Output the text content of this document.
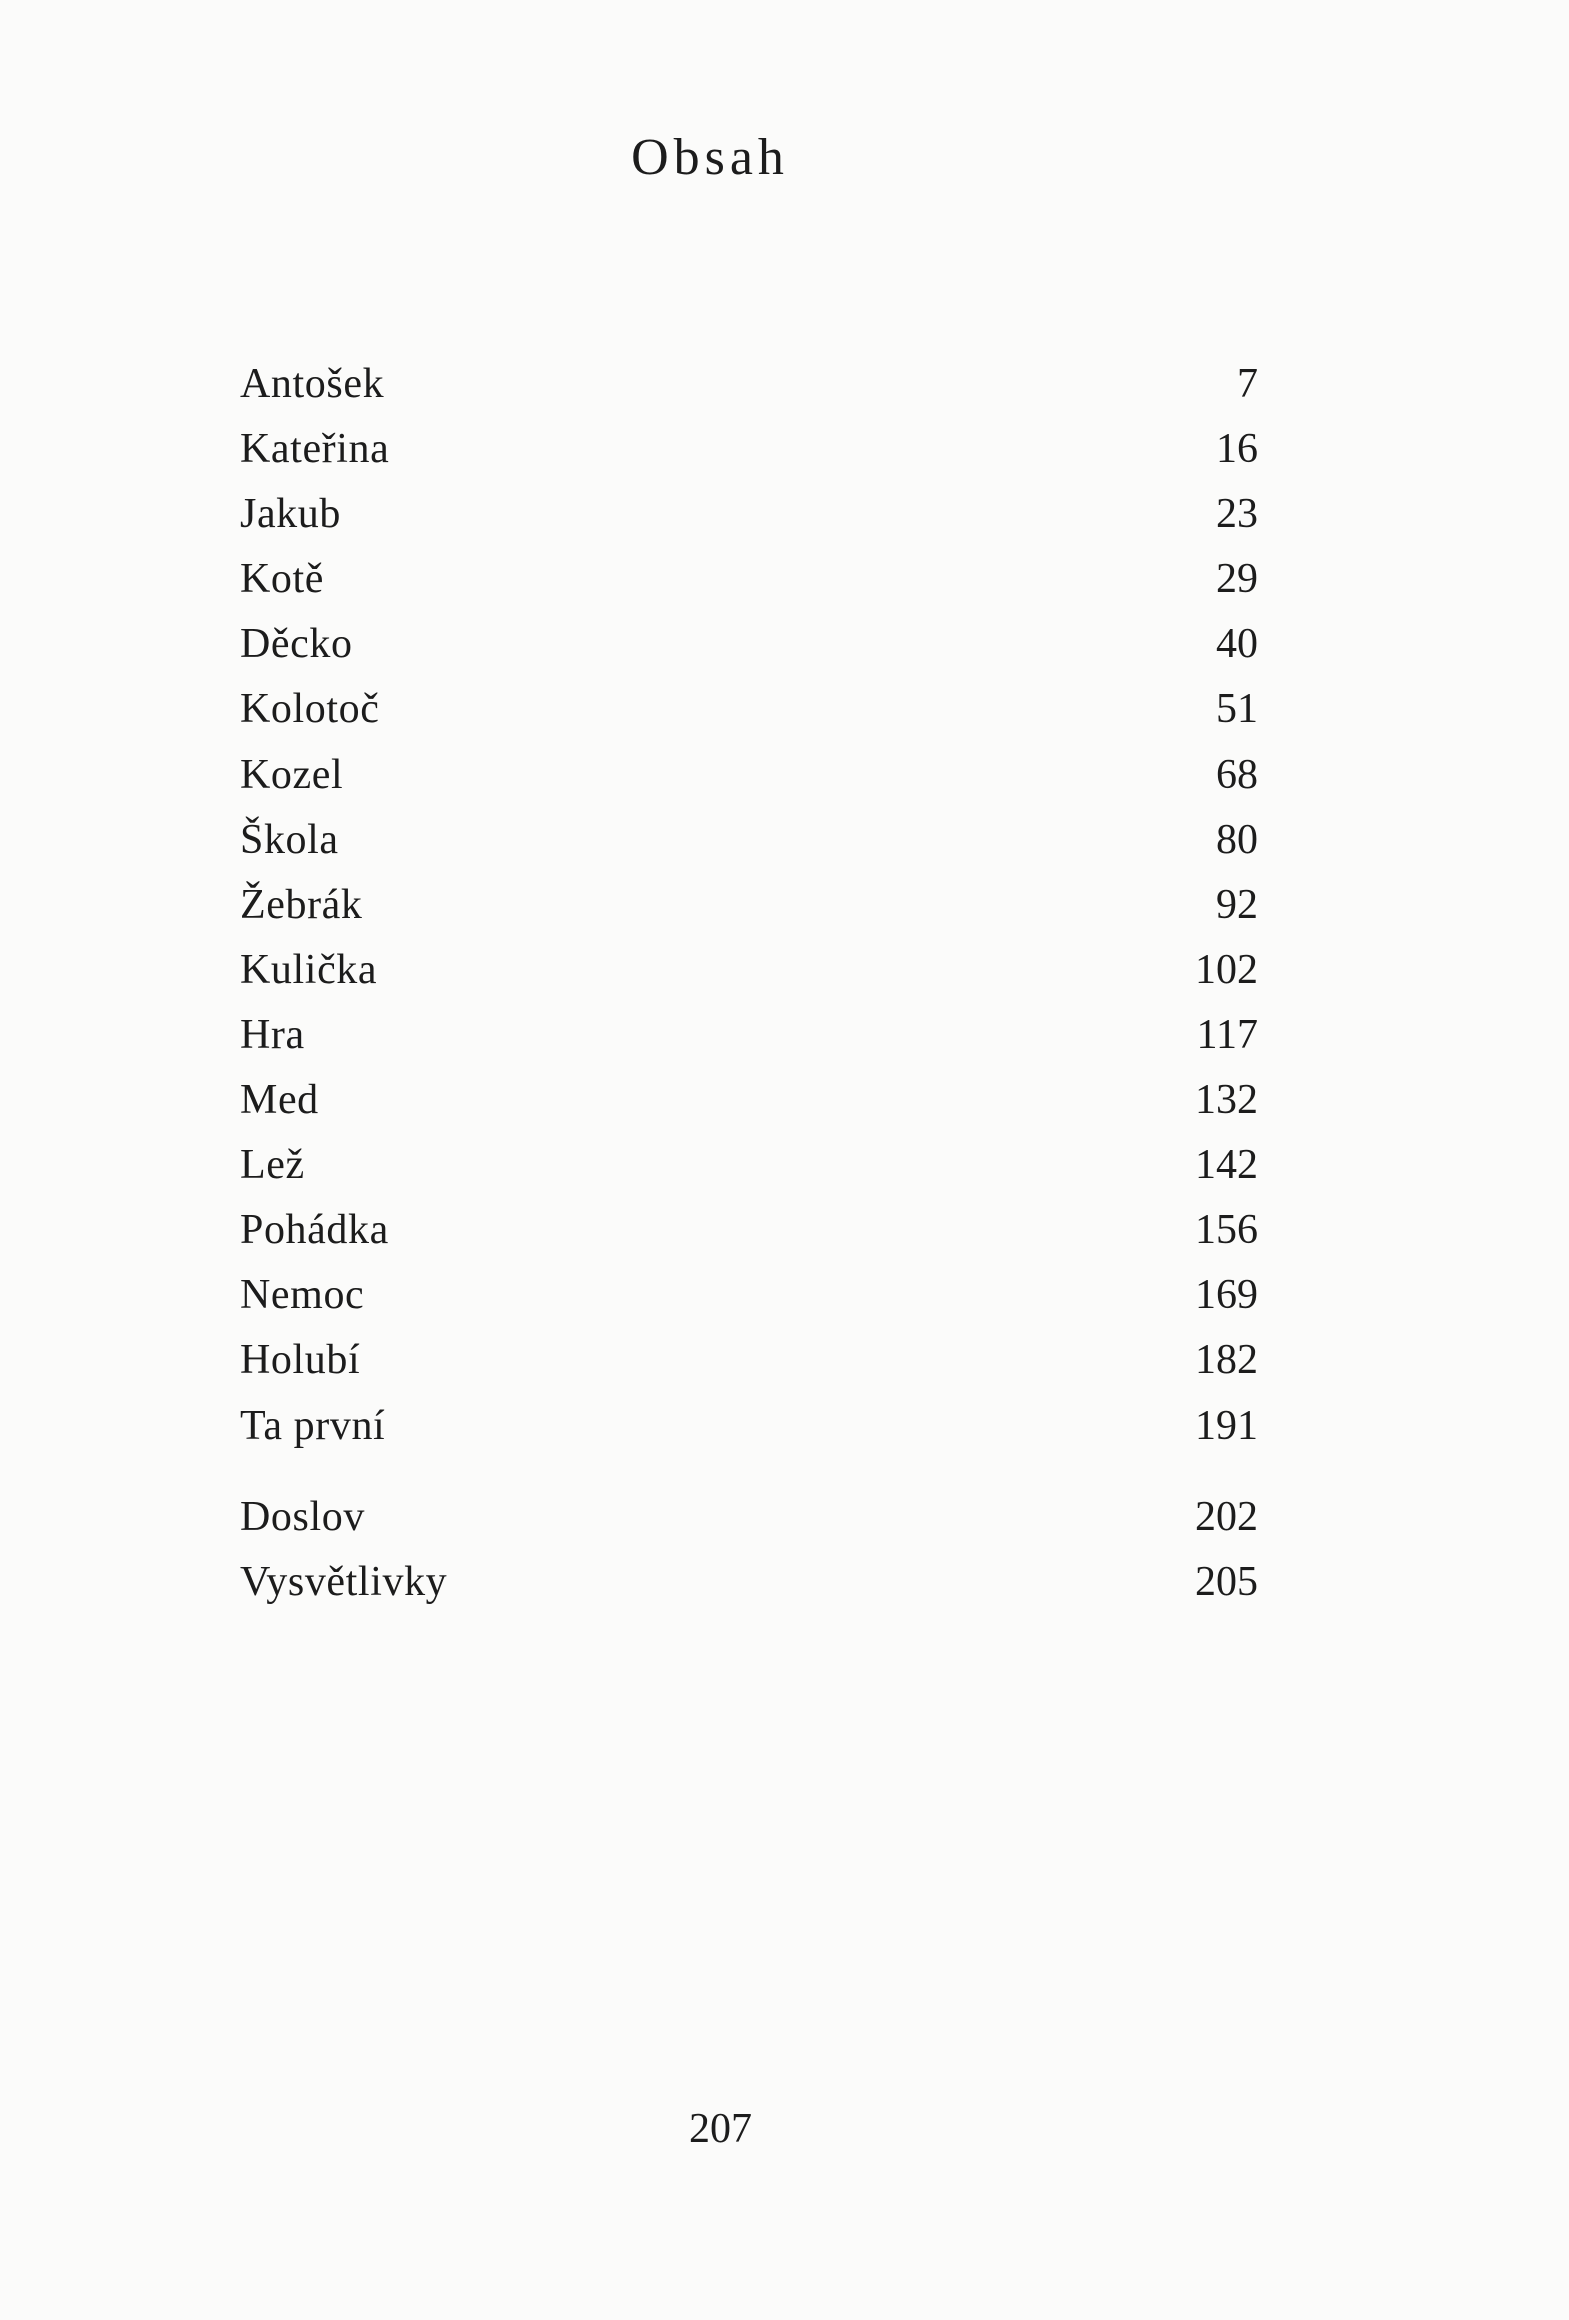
Obsah
Antošek	7
Kateřina	16
Jakub	23
Kotě	29
Děcko	40
Kolotoč	51
Kozel	68
Škola	80
Žebrák	92
Kulička	102
Hra	117
Med	132
Lež	142
Pohádka	156
Nemoc	169
Holubí	182
Ta první	191
Doslov	202
Vysvětlivky	205
207
